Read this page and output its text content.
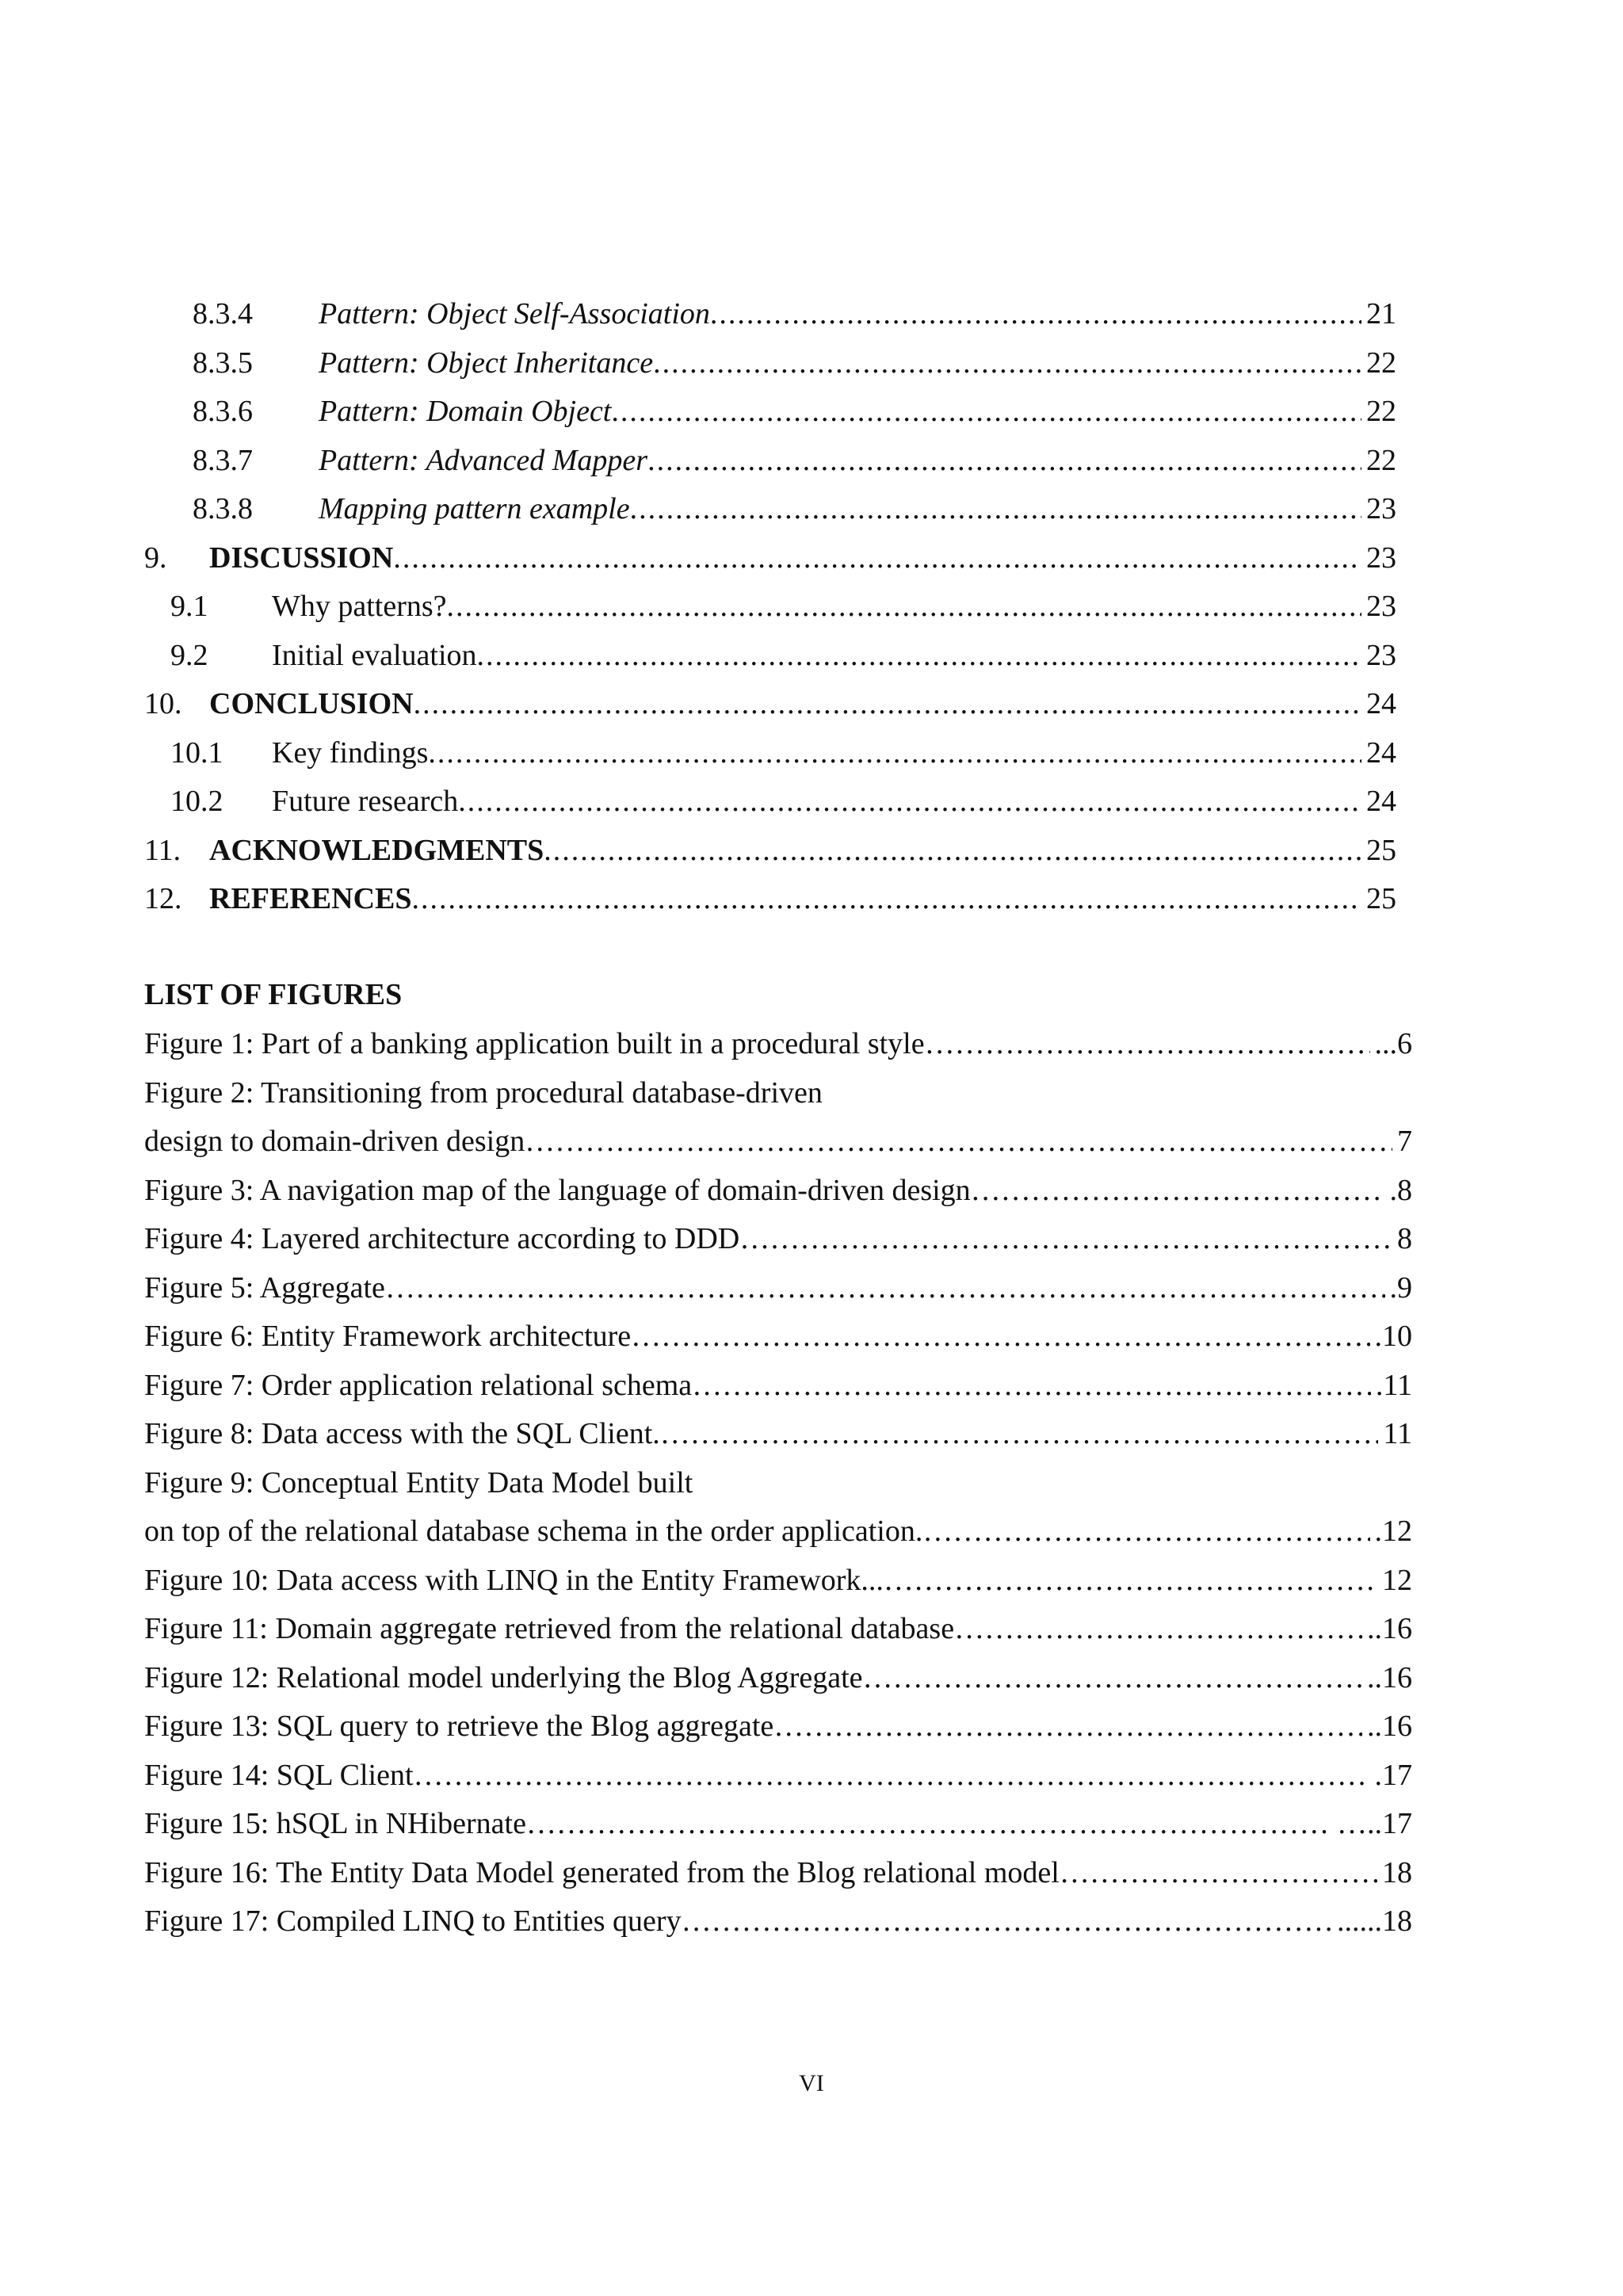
8.3.4 Pattern: Object Self-Association .....	21
8.3.5 Pattern: Object Inheritance .....	22
8.3.6 Pattern: Domain Object .....	22
8.3.7 Pattern: Advanced Mapper .....	22
8.3.8 Mapping pattern example .....	23
9.	DISCUSSION .....	23
9.1	Why patterns? .....	23
9.2	Initial evaluation .....	23
10. CONCLUSION .....	24
10.1	Key findings .....	24
10.2	Future research .....	24
11. ACKNOWLEDGMENTS .....	25
12. REFERENCES .....	25
LIST OF FIGURES
Figure 1: Part of a banking application built in a procedural style ……………………………………………………………………………………………………………………………………………………………………………………………………………………	...6
Figure 2: Transitioning from procedural database-driven
design to domain-driven design ……………………………………………………………………………………………………………………………………………………………………………………………………………………	7
Figure 3: A navigation map of the language of domain-driven design ……………………………………………………………………………………………………………………………………………………………………………………………………………………	.8
Figure 4: Layered architecture according to DDD ……………………………………………………………………………………………………………………………………………………………………………………………………………………	8
Figure 5: Aggregate ……………………………………………………………………………………………………………………………………………………………………………………………………………………	.9
Figure 6: Entity Framework architecture ……………………………………………………………………………………………………………………………………………………………………………………………………………………	.10
Figure 7: Order application relational schema ……………………………………………………………………………………………………………………………………………………………………………………………………………………	.11
Figure 8: Data access with the SQL Client. ……………………………………………………………………………………………………………………………………………………………………………………………………………………	11
Figure 9: Conceptual Entity Data Model built
on top of the relational database schema in the order application. ……………………………………………………………………………………………………………………………………………………………………………………………………………………	.12
Figure 10: Data access with LINQ in the Entity Framework... ……………………………………………………………………………………………………………………………………………………………………………………………………………………	12
Figure 11: Domain aggregate retrieved from the relational database ……………………………………………………………………………………………………………………………………………………………………………………………………………………	..16
Figure 12: Relational model underlying the Blog Aggregate ……………………………………………………………………………………………………………………………………………………………………………………………………………………	..16
Figure 13: SQL query to retrieve the Blog aggregate ……………………………………………………………………………………………………………………………………………………………………………………………………………………	..16
Figure 14: SQL Client ……………………………………………………………………………………………………………………………………………………………………………………………………………………	.17
Figure 15: hSQL in NHibernate ……………………………………………………………………………………………………………………………………………………………………………………………………………………	…..17
Figure 16: The Entity Data Model generated from the Blog relational model ……………………………………………………………………………………………………………………………………………………………………………………………………………………	18
Figure 17: Compiled LINQ to Entities query ……………………………………………………………………………………………………………………………………………………………………………………………………………………	......18
VI
